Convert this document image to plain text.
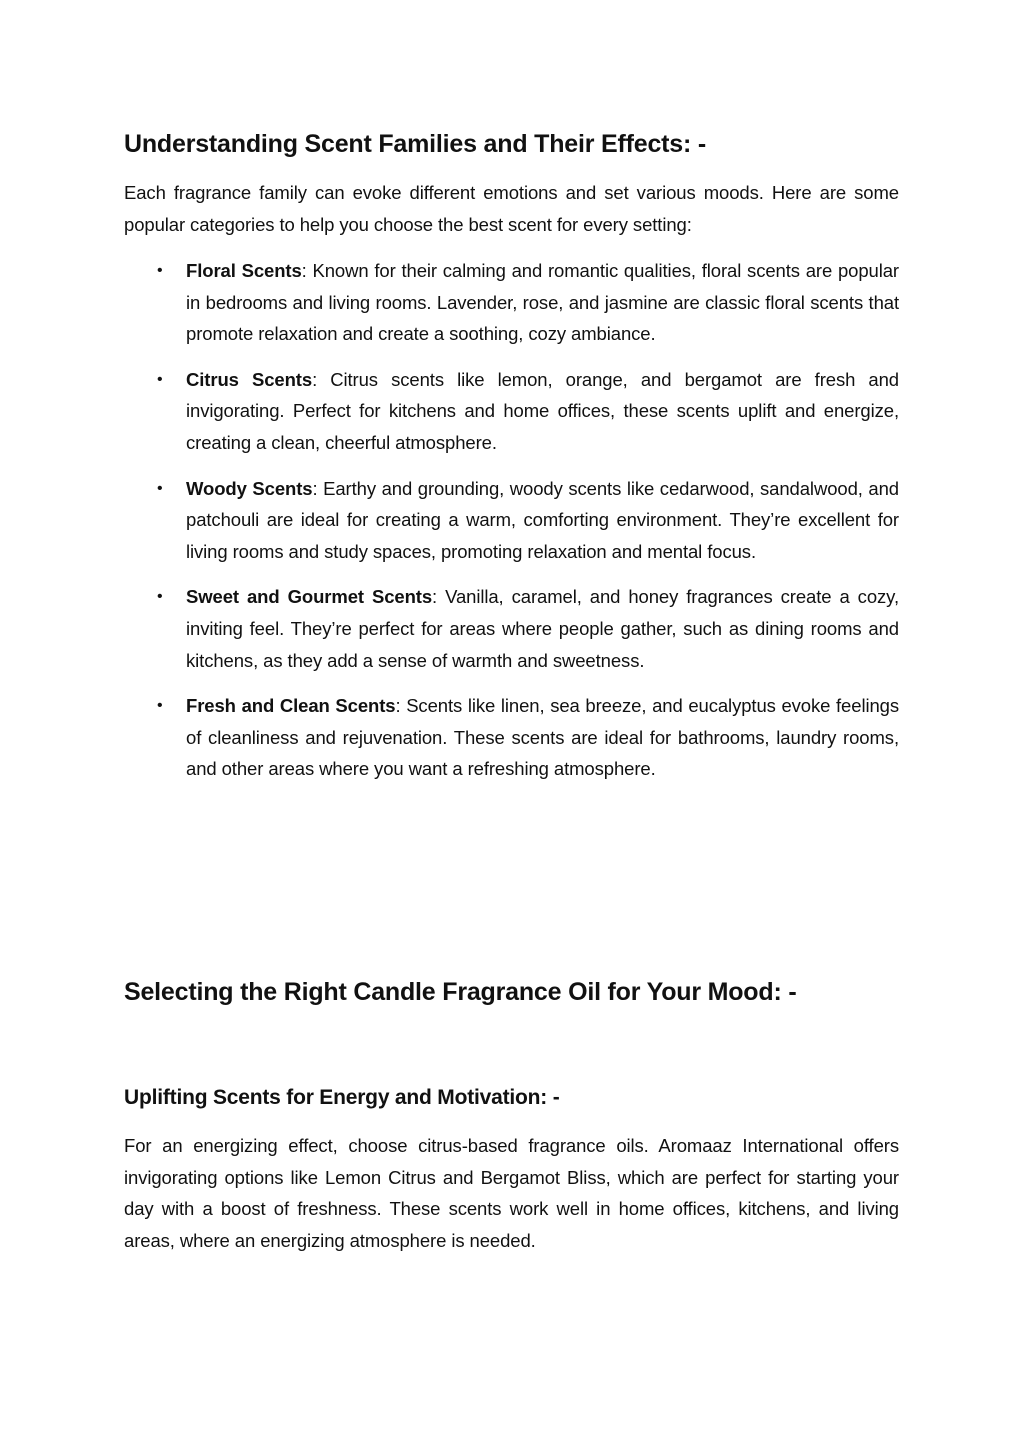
Understanding Scent Families and Their Effects: -

Each fragrance family can evoke different emotions and set various moods. Here are some popular categories to help you choose the best scent for every setting:

• Floral Scents: Known for their calming and romantic qualities, floral scents are popular in bedrooms and living rooms. Lavender, rose, and jasmine are classic floral scents that promote relaxation and create a soothing, cozy ambiance.
• Citrus Scents: Citrus scents like lemon, orange, and bergamot are fresh and invigorating. Perfect for kitchens and home offices, these scents uplift and energize, creating a clean, cheerful atmosphere.
• Woody Scents: Earthy and grounding, woody scents like cedarwood, sandalwood, and patchouli are ideal for creating a warm, comforting environment. They’re excellent for living rooms and study spaces, promoting relaxation and mental focus.
• Sweet and Gourmet Scents: Vanilla, caramel, and honey fragrances create a cozy, inviting feel. They’re perfect for areas where people gather, such as dining rooms and kitchens, as they add a sense of warmth and sweetness.
• Fresh and Clean Scents: Scents like linen, sea breeze, and eucalyptus evoke feelings of cleanliness and rejuvenation. These scents are ideal for bathrooms, laundry rooms, and other areas where you want a refreshing atmosphere.
Selecting the Right Candle Fragrance Oil for Your Mood: -
Uplifting Scents for Energy and Motivation: -

For an energizing effect, choose citrus-based fragrance oils. Aromaaz International offers invigorating options like Lemon Citrus and Bergamot Bliss, which are perfect for starting your day with a boost of freshness. These scents work well in home offices, kitchens, and living areas, where an energizing atmosphere is needed.
